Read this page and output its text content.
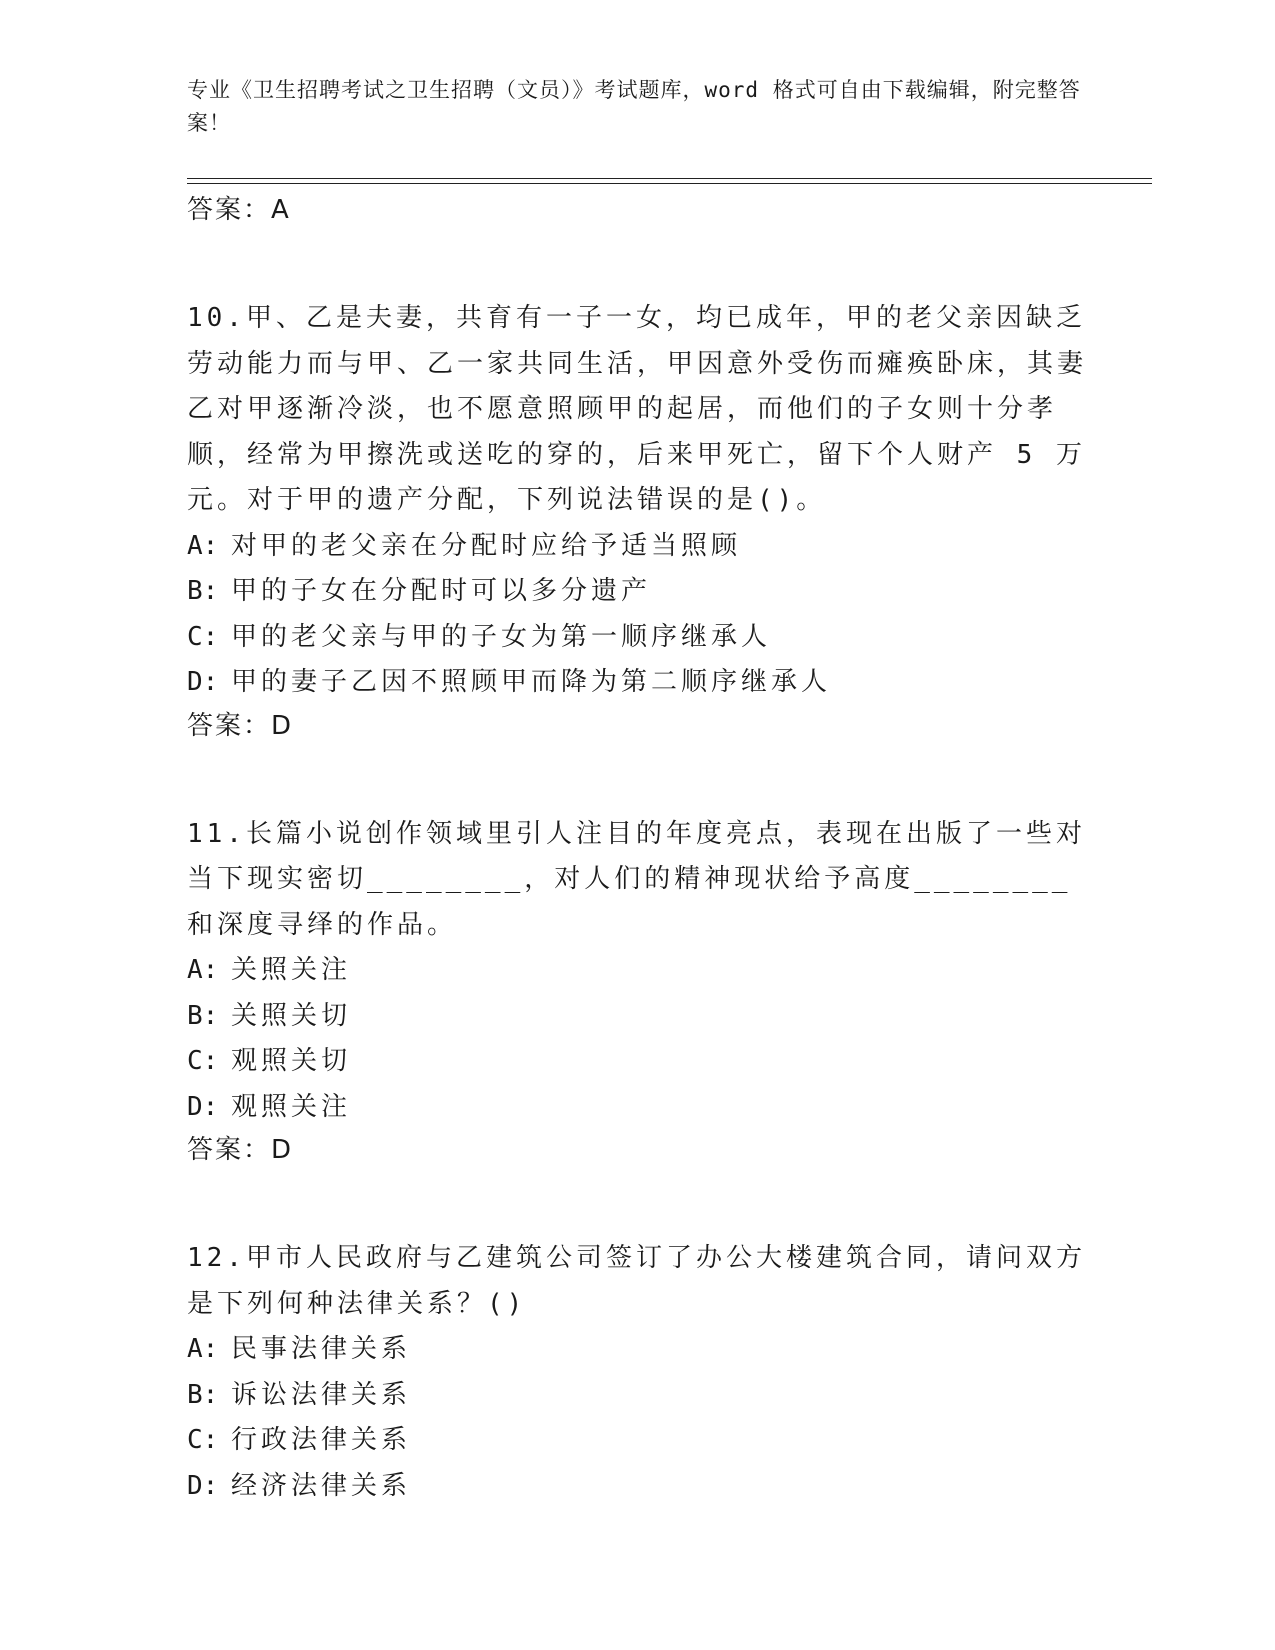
专业《卫生招聘考试之卫生招聘（文员）》考试题库，word 格式可自由下载编辑，附完整答案！

答案：A

10.甲、乙是夫妻，共育有一子一女，均已成年，甲的老父亲因缺乏劳动能力而与甲、乙一家共同生活，甲因意外受伤而瘫痪卧床，其妻乙对甲逐渐冷淡，也不愿意照顾甲的起居，而他们的子女则十分孝顺，经常为甲擦洗或送吃的穿的，后来甲死亡，留下个人财产 5 万元。对于甲的遗产分配，下列说法错误的是()。

A: 对甲的老父亲在分配时应给予适当照顾
B: 甲的子女在分配时可以多分遗产
C: 甲的老父亲与甲的子女为第一顺序继承人
D: 甲的妻子乙因不照顾甲而降为第二顺序继承人

答案：D

11.长篇小说创作领域里引人注目的年度亮点，表现在出版了一些对当下现实密切________，对人们的精神现状给予高度________和深度寻绎的作品。

A: 关照关注
B: 关照关切
C: 观照关切
D: 观照关注

答案：D

12.甲市人民政府与乙建筑公司签订了办公大楼建筑合同，请问双方是下列何种法律关系？()

A: 民事法律关系
B: 诉讼法律关系
C: 行政法律关系
D: 经济法律关系
